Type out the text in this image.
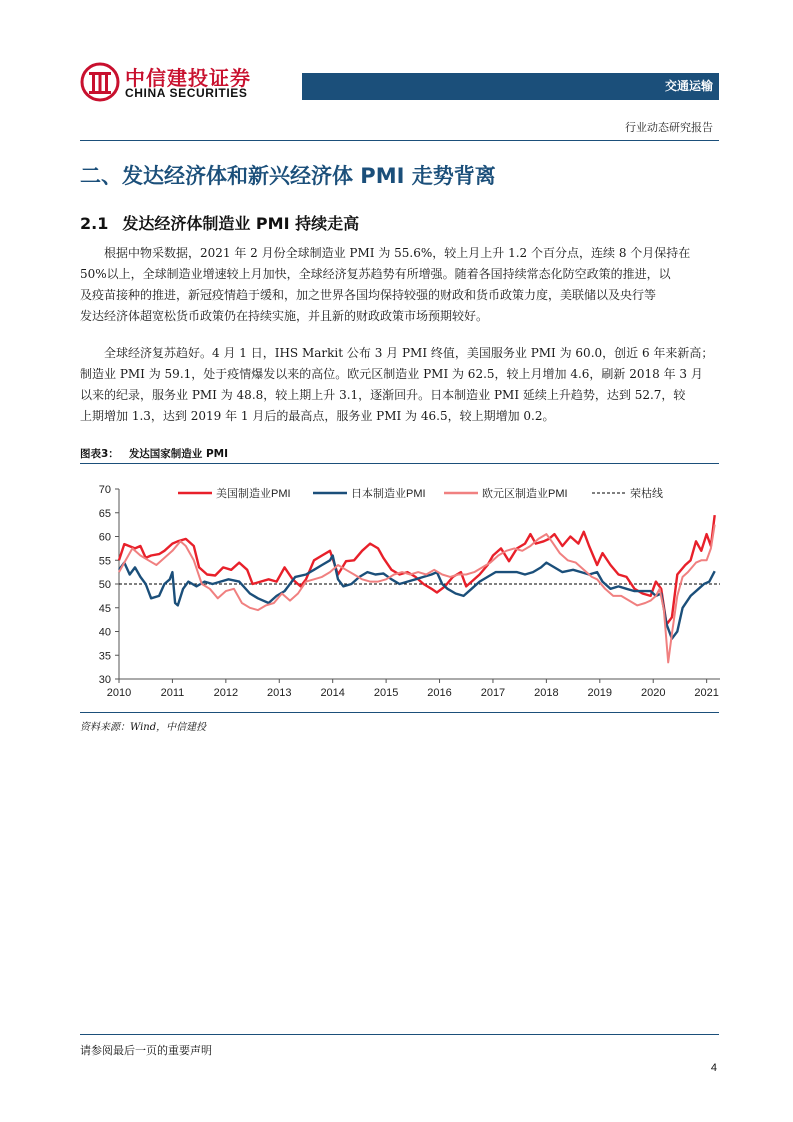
中信建投证券
CHINA SECURITIES	交通运输
行业动态研究报告
二、发达经济体和新兴经济体 PMI 走势背离
2.1 发达经济体制造业 PMI 持续走高
根据中物采数据，2021 年 2 月份全球制造业 PMI 为 55.6%，较上月上升 1.2 个百分点，连续 8 个月保持在
50%以上，全球制造业增速较上月加快，全球经济复苏趋势有所增强。随着各国持续常态化防空政策的推进，以
及疫苗接种的推进，新冠疫情趋于缓和，加之世界各国均保持较强的财政和货币政策力度，美联储以及央行等
发达经济体超宽松货币政策仍在持续实施，并且新的财政政策市场预期较好。
全球经济复苏趋好。4 月 1 日，IHS Markit 公布 3 月 PMI 终值，美国服务业 PMI 为 60.0，创近 6 年来新高；
制造业 PMI 为 59.1，处于疫情爆发以来的高位。欧元区制造业 PMI 为 62.5，较上月增加 4.6，刷新 2018 年 3 月
以来的纪录，服务业 PMI 为 48.8，较上期上升 3.1，逐渐回升。日本制造业 PMI 延续上升趋势，达到 52.7，较
上期增加 1.3，达到 2019 年 1 月后的最高点，服务业 PMI 为 46.5，较上期增加 0.2。
图表3： 发达国家制造业 PMI
30
35
40
45
50
55
60
65
70
2010	2011	2012	2013	2014	2015	2016	2017	2018	2019	2020	2021
美国制造业PMI	日本制造业PMI	欧元区制造业PMI	荣枯线
资料来源：Wind，中信建投
请参阅最后一页的重要声明
4
